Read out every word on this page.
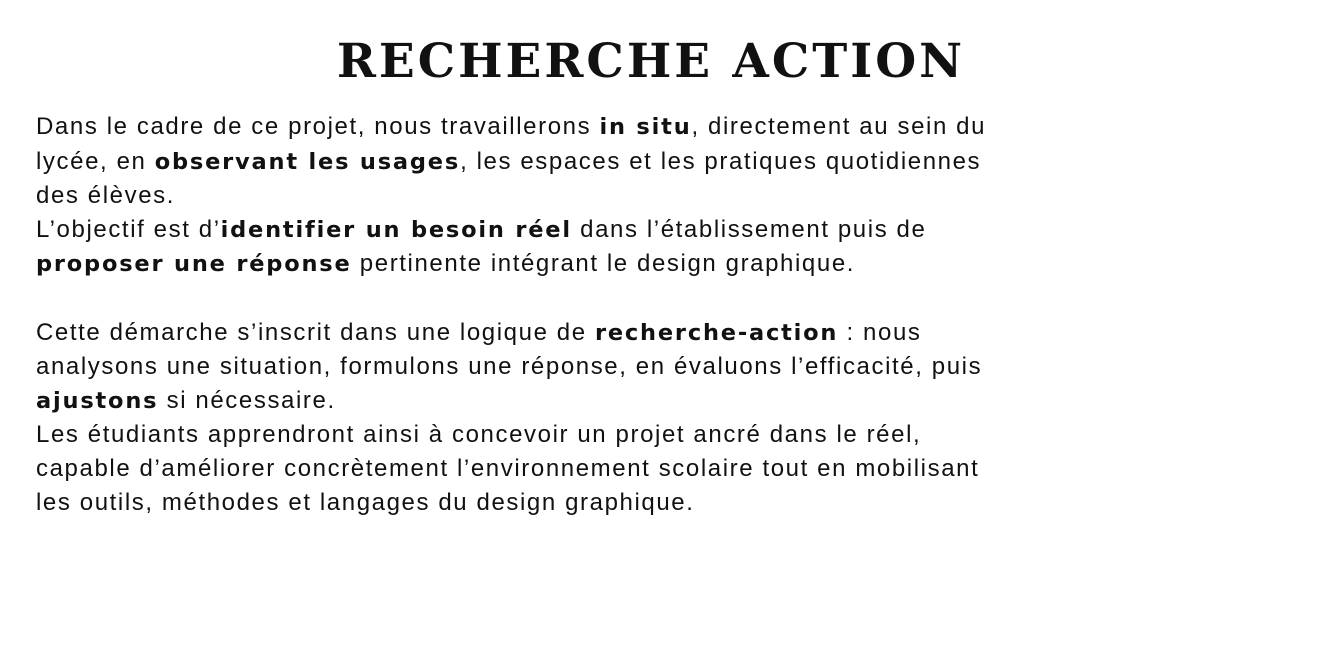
RECHERCHE ACTION

Dans le cadre de ce projet, nous travaillerons in situ, directement au sein du lycée, en observant les usages, les espaces et les pratiques quotidiennes des élèves.

L’objectif est d’identifier un besoin réel dans l’établissement puis de proposer une réponse pertinente intégrant le design graphique.

Cette démarche s’inscrit dans une logique de recherche-action : nous analysons une situation, formulons une réponse, en évaluons l’efficacité, puis ajustons si nécessaire.

Les étudiants apprendront ainsi à concevoir un projet ancré dans le réel, capable d’améliorer concrètement l’environnement scolaire tout en mobilisant les outils, méthodes et langages du design graphique.
